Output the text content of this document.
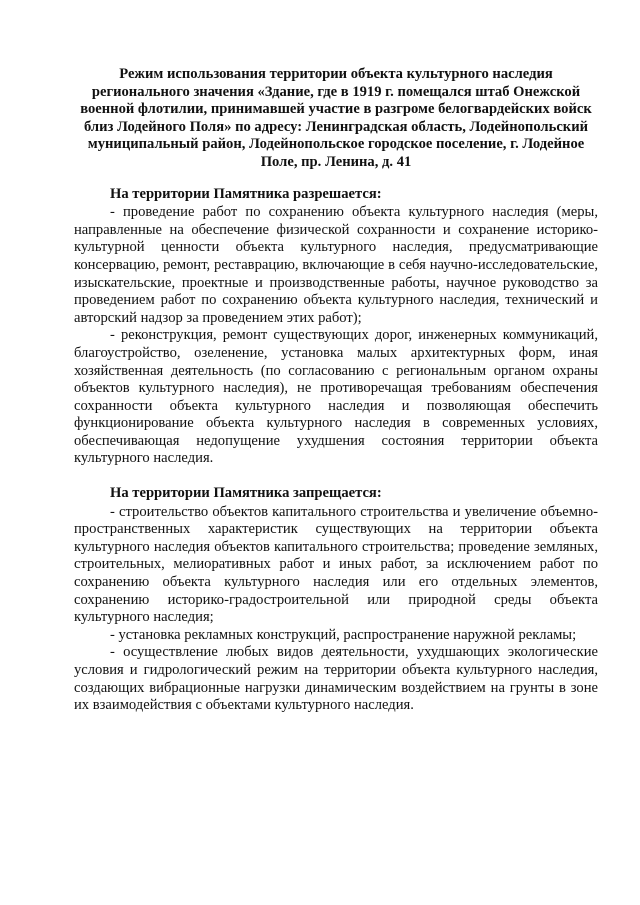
Режим использования территории объекта культурного наследия регионального значения «Здание, где в 1919 г. помещался штаб Онежской военной флотилии, принимавшей участие в разгроме белогвардейских войск близ Лодейного Поля» по адресу: Ленинградская область, Лодейнопольский муниципальный район, Лодейнопольское городское поселение, г. Лодейное Поле, пр. Ленина, д. 41
На территории Памятника разрешается:

- проведение работ по сохранению объекта культурного наследия (меры, направленные на обеспечение физической сохранности и сохранение историко-культурной ценности объекта культурного наследия, предусматривающие консервацию, ремонт, реставрацию, включающие в себя научно-исследовательские, изыскательские, проектные и производственные работы, научное руководство за проведением работ по сохранению объекта культурного наследия, технический и авторский надзор за проведением этих работ);

- реконструкция, ремонт существующих дорог, инженерных коммуникаций, благоустройство, озеленение, установка малых архитектурных форм, иная хозяйственная деятельность (по согласованию с региональным органом охраны объектов культурного наследия), не противоречащая требованиям обеспечения сохранности объекта культурного наследия и позволяющая обеспечить функционирование объекта культурного наследия в современных условиях, обеспечивающая недопущение ухудшения состояния территории объекта культурного наследия.

На территории Памятника запрещается:

- строительство объектов капитального строительства и увеличение объемно-пространственных характеристик существующих на территории объекта культурного наследия объектов капитального строительства; проведение земляных, строительных, мелиоративных работ и иных работ, за исключением работ по сохранению объекта культурного наследия или его отдельных элементов, сохранению историко-градостроительной или природной среды объекта культурного наследия;

- установка рекламных конструкций, распространение наружной рекламы;

- осуществление любых видов деятельности, ухудшающих экологические условия и гидрологический режим на территории объекта культурного наследия, создающих вибрационные нагрузки динамическим воздействием на грунты в зоне их взаимодействия с объектами культурного наследия.
